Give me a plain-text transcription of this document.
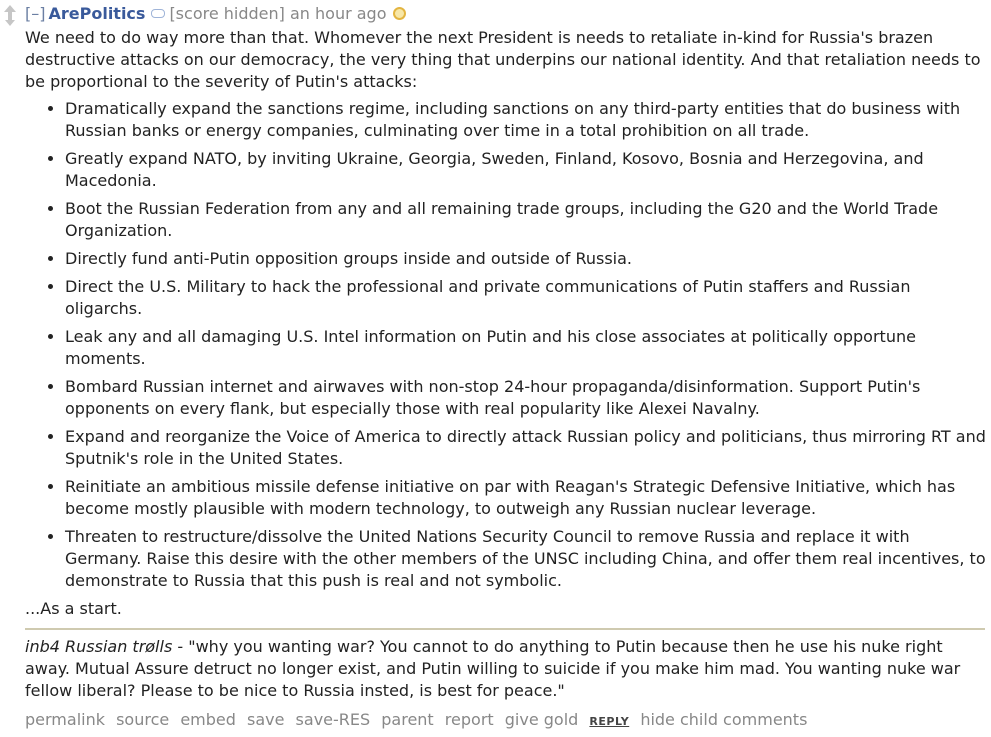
[–] ArePolitics [score hidden] an hour ago

We need to do way more than that. Whomever the next President is needs to retaliate in-kind for Russia's brazen destructive attacks on our democracy, the very thing that underpins our national identity. And that retaliation needs to be proportional to the severity of Putin's attacks:

• Dramatically expand the sanctions regime, including sanctions on any third-party entities that do business with Russian banks or energy companies, culminating over time in a total prohibition on all trade.
• Greatly expand NATO, by inviting Ukraine, Georgia, Sweden, Finland, Kosovo, Bosnia and Herzegovina, and Macedonia.
• Boot the Russian Federation from any and all remaining trade groups, including the G20 and the World Trade Organization.
• Directly fund anti-Putin opposition groups inside and outside of Russia.
• Direct the U.S. Military to hack the professional and private communications of Putin staffers and Russian oligarchs.
• Leak any and all damaging U.S. Intel information on Putin and his close associates at politically opportune moments.
• Bombard Russian internet and airwaves with non-stop 24-hour propaganda/disinformation. Support Putin's opponents on every flank, but especially those with real popularity like Alexei Navalny.
• Expand and reorganize the Voice of America to directly attack Russian policy and politicians, thus mirroring RT and Sputnik's role in the United States.
• Reinitiate an ambitious missile defense initiative on par with Reagan's Strategic Defensive Initiative, which has become mostly plausible with modern technology, to outweigh any Russian nuclear leverage.
• Threaten to restructure/dissolve the United Nations Security Council to remove Russia and replace it with Germany. Raise this desire with the other members of the UNSC including China, and offer them real incentives, to demonstrate to Russia that this push is real and not symbolic.

...As a start.

inb4 Russian trølls - "why you wanting war? You cannot to do anything to Putin because then he use his nuke right away. Mutual Assure detruct no longer exist, and Putin willing to suicide if you make him mad. You wanting nuke war fellow liberal? Please to be nice to Russia insted, is best for peace."
permalink source embed save save-RES parent report give gold REPLY hide child comments
